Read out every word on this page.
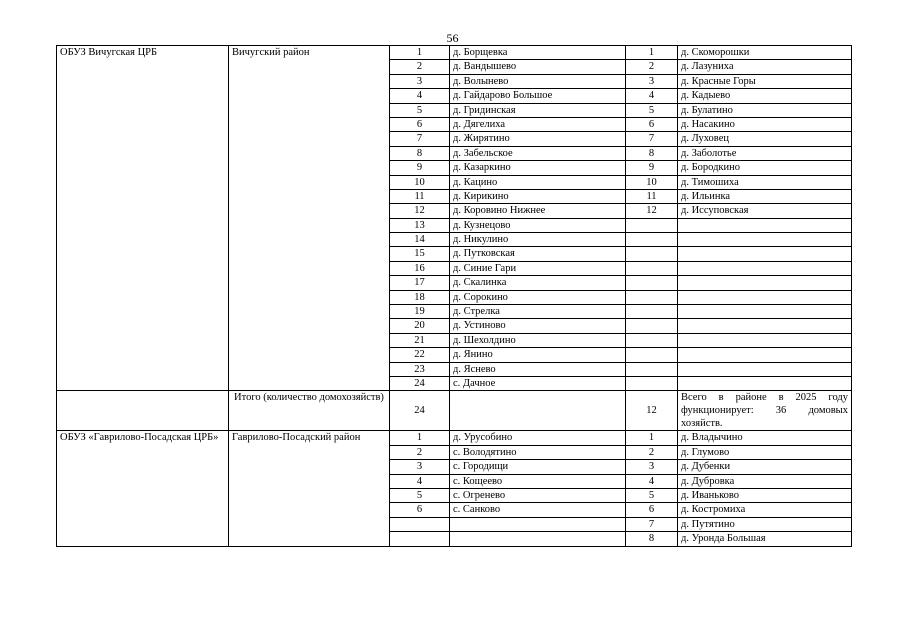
56
ОБУЗ Вичугская ЦРБ	Вичугский район	1	д. Борщевка	1	д. Скоморошки
		2	д. Вандышево	2	д. Лазуниха
		3	д. Волынево	3	д. Красные Горы
		4	д. Гайдарово Большое	4	д. Кадыево
		5	д. Гридинская	5	д. Булатино
		6	д. Дягелиха	6	д. Насакино
		7	д. Жирятино	7	д. Луховец
		8	д. Забельское	8	д. Заболотье
		9	д. Казаркино	9	д. Бородкино
		10	д. Кацино	10	д. Тимошиха
		11	д. Кирикино	11	д. Ильинка
		12	д. Коровино Нижнее	12	д. Иссуповская
		13	д. Кузнецово		
		14	д. Никулино		
		15	д. Путковская		
		16	д. Синие Гари		
		17	д. Скалинка		
		18	д. Сорокино		
		19	д. Стрелка		
		20	д. Устиново		
		21	д. Шехолдино		
		22	д. Янино		
		23	д. Яснево		
		24	с. Дачное		
	Итого (количество домохозяйств)	24		12	Всего в районе в 2025 году функционирует: 36 домовых хозяйств.
ОБУЗ «Гаврилово-Посадская ЦРБ»	Гаврилово-Посадский район	1	д. Урусобино	1	д. Владычино
		2	с. Володятино	2	д. Глумово
		3	с. Городищи	3	д. Дубенки
		4	с. Кощеево	4	д. Дубровка
		5	с. Огренево	5	д. Иваньково
		6	с. Санково	6	д. Костромиха
				7	д. Путятино
				8	д. Уронда Большая
